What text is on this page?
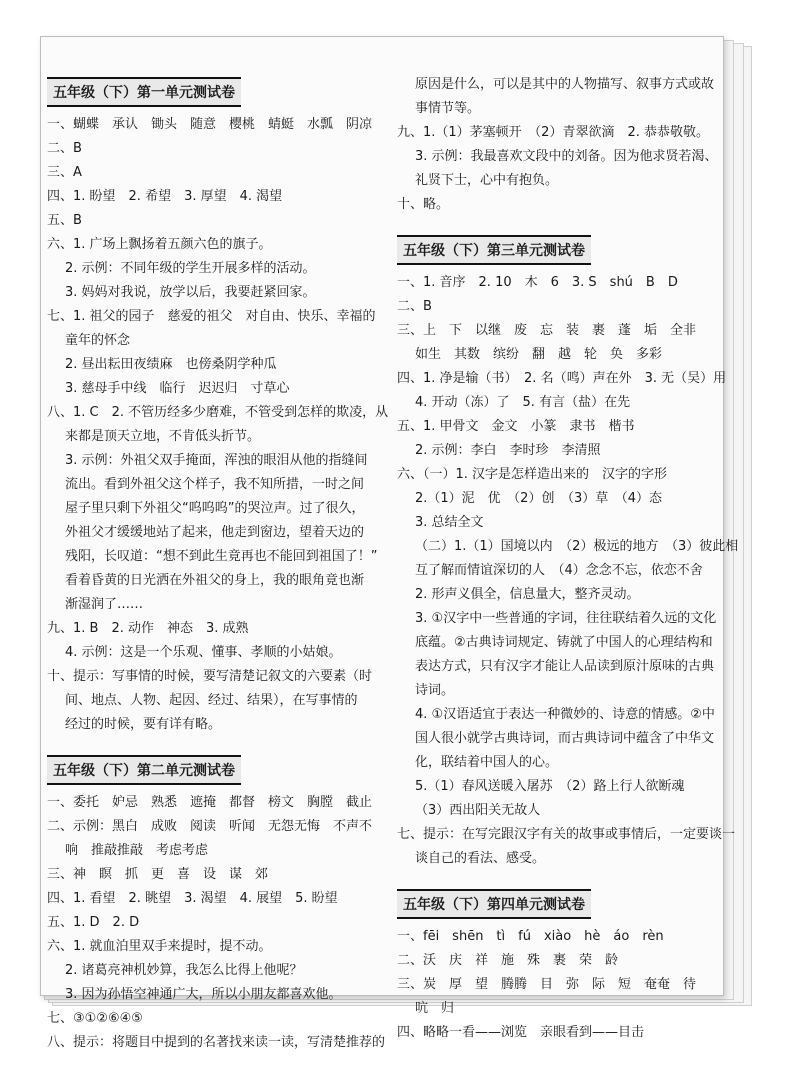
五年级（下）第一单元测试卷
一、蝴蝶　承认　锄头　随意　樱桃　蜻蜓　水瓢　阴凉
二、B
三、A
四、1. 盼望　2. 希望　3. 厚望　4. 渴望
五、B
六、1. 广场上飘扬着五颜六色的旗子。
2. 示例：不同年级的学生开展多样的活动。
3. 妈妈对我说，放学以后，我要赶紧回家。
七、1. 祖父的园子　慈爱的祖父　对自由、快乐、幸福的
童年的怀念
2. 昼出耘田夜绩麻　也傍桑阴学种瓜
3. 慈母手中线　临行　迟迟归　寸草心
八、1. C　2. 不管历经多少磨难，不管受到怎样的欺凌，从
来都是顶天立地，不肯低头折节。
3. 示例：外祖父双手掩面，浑浊的眼泪从他的指缝间
流出。看到外祖父这个样子，我不知所措，一时之间
屋子里只剩下外祖父“呜呜呜”的哭泣声。过了很久，
外祖父才缓缓地站了起来，他走到窗边，望着天边的
残阳，长叹道：“想不到此生竟再也不能回到祖国了！”
看着昏黄的日光洒在外祖父的身上，我的眼角竟也渐
渐湿润了……
九、1. B　2. 动作　神态　3. 成熟
4. 示例：这是一个乐观、懂事、孝顺的小姑娘。
十、提示：写事情的时候，要写清楚记叙文的六要素（时
间、地点、人物、起因、经过、结果），在写事情的
经过的时候，要有详有略。
五年级（下）第二单元测试卷
一、委托　妒忌　熟悉　遮掩　都督　榜文　胸膛　截止
二、示例：黑白　成败　阅读　听闻　无怨无悔　不声不
响　推敲推敲　考虑考虑
三、神　瞑　抓　更　喜　设　谋　郊
四、1. 看望　2. 眺望　3. 渴望　4. 展望　5. 盼望
五、1. D　2. D
六、1. 就血泊里双手来提时，提不动。
2. 诸葛亮神机妙算，我怎么比得上他呢？
3. 因为孙悟空神通广大，所以小朋友都喜欢他。
七、③①②⑥④⑤
八、提示：将题目中提到的名著找来读一读，写清楚推荐的
原因是什么，可以是其中的人物描写、叙事方式或故
事情节等。
九、1.（1）茅塞顿开　（2）青翠欲滴　2. 恭恭敬敬。
3. 示例：我最喜欢文段中的刘备。因为他求贤若渴、
礼贤下士，心中有抱负。
十、略。
五年级（下）第三单元测试卷
一、1. 音序　2. 10　木　6　3. S　shú　B　D
二、B
三、上　下　以继　废　忘　装　裹　蓬　垢　全非
如生　其数　缤纷　翻　越　轮　奂　多彩
四、1. 净是输（书）　2. 名（鸣）声在外　3. 无（吴）用
4. 开动（冻）了　5. 有言（盐）在先
五、1. 甲骨文　金文　小篆　隶书　楷书
2. 示例：李白　李时珍　李清照
六、（一）1. 汉字是怎样造出来的　汉字的字形
2.（1）泥　优　（2）创　（3）草　（4）态
3. 总结全文
（二）1.（1）国境以内　（2）极远的地方　（3）彼此相
互了解而情谊深切的人　（4）念念不忘，依恋不舍
2. 形声义俱全，信息量大，整齐灵动。
3. ①汉字中一些普通的字词，往往联结着久远的文化
底蕴。②古典诗词规定、铸就了中国人的心理结构和
表达方式，只有汉字才能让人品读到原汁原味的古典
诗词。
4. ①汉语适宜于表达一种微妙的、诗意的情感。②中
国人很小就学古典诗词，而古典诗词中蕴含了中华文
化，联结着中国人的心。
5.（1）春风送暖入屠苏　（2）路上行人欲断魂
（3）西出阳关无故人
七、提示：在写完跟汉字有关的故事或事情后，一定要谈一
谈自己的看法、感受。
五年级（下）第四单元测试卷
一、fēi　shēn　tì　fú　xiào　hè　áo　rèn
二、沃　庆　祥　施　殊　裹　荣　龄
三、炭　厚　望　腾腾　目　弥　际　短　奄奄　待
吭　归
四、略略一看——浏览　亲眼看到——目击
